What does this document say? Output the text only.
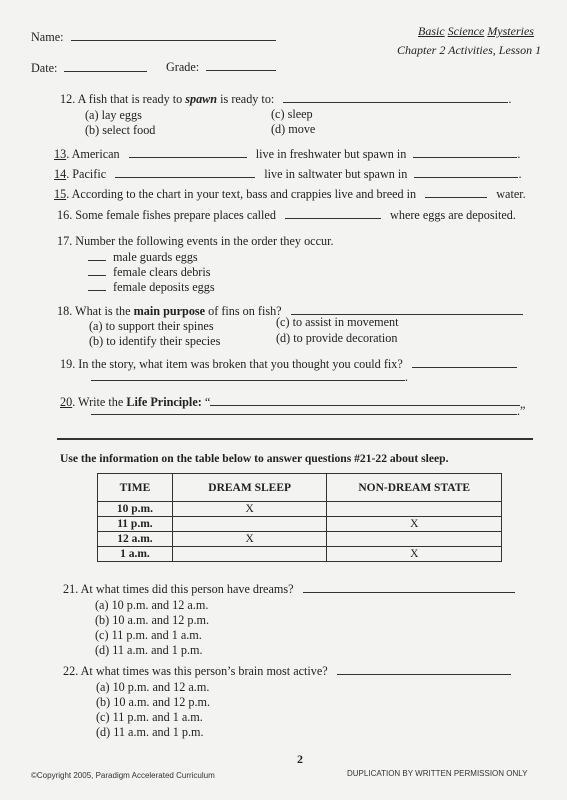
Name:
Date:	Grade:
Basic Science Mysteries
Chapter 2 Activities, Lesson 1
12. A fish that is ready to spawn is ready to:	.
(a) lay eggs	(c) sleep
(b) select food	(d) move
13. American	live in freshwater but spawn in	.
14. Pacific	live in saltwater but spawn in	.
15. According to the chart in your text, bass and crappies live and breed in	water.
16. Some female fishes prepare places called	where eggs are deposited.
17. Number the following events in the order they occur.
male guards eggs
female clears debris
female deposits eggs
18. What is the main purpose of fins on fish?
(a) to support their spines	(c) to assist in movement
(b) to identify their species	(d) to provide decoration
19. In the story, what item was broken that you thought you could fix?
.
20. Write the Life Principle: “
.”
Use the information on the table below to answer questions #21-22 about sleep.
TIME	DREAM SLEEP	NON-DREAM STATE
10 p.m.	X	
11 p.m.		X
12 a.m.	X	
1 a.m.		X
21. At what times did this person have dreams?
(a) 10 p.m. and 12 a.m.
(b) 10 a.m. and 12 p.m.
(c) 11 p.m. and 1 a.m.
(d) 11 a.m. and 1 p.m.
22. At what times was this person’s brain most active?
(a) 10 p.m. and 12 a.m.
(b) 10 a.m. and 12 p.m.
(c) 11 p.m. and 1 a.m.
(d) 11 a.m. and 1 p.m.
2
©Copyright 2005, Paradigm Accelerated Curriculum	DUPLICATION BY WRITTEN PERMISSION ONLY
